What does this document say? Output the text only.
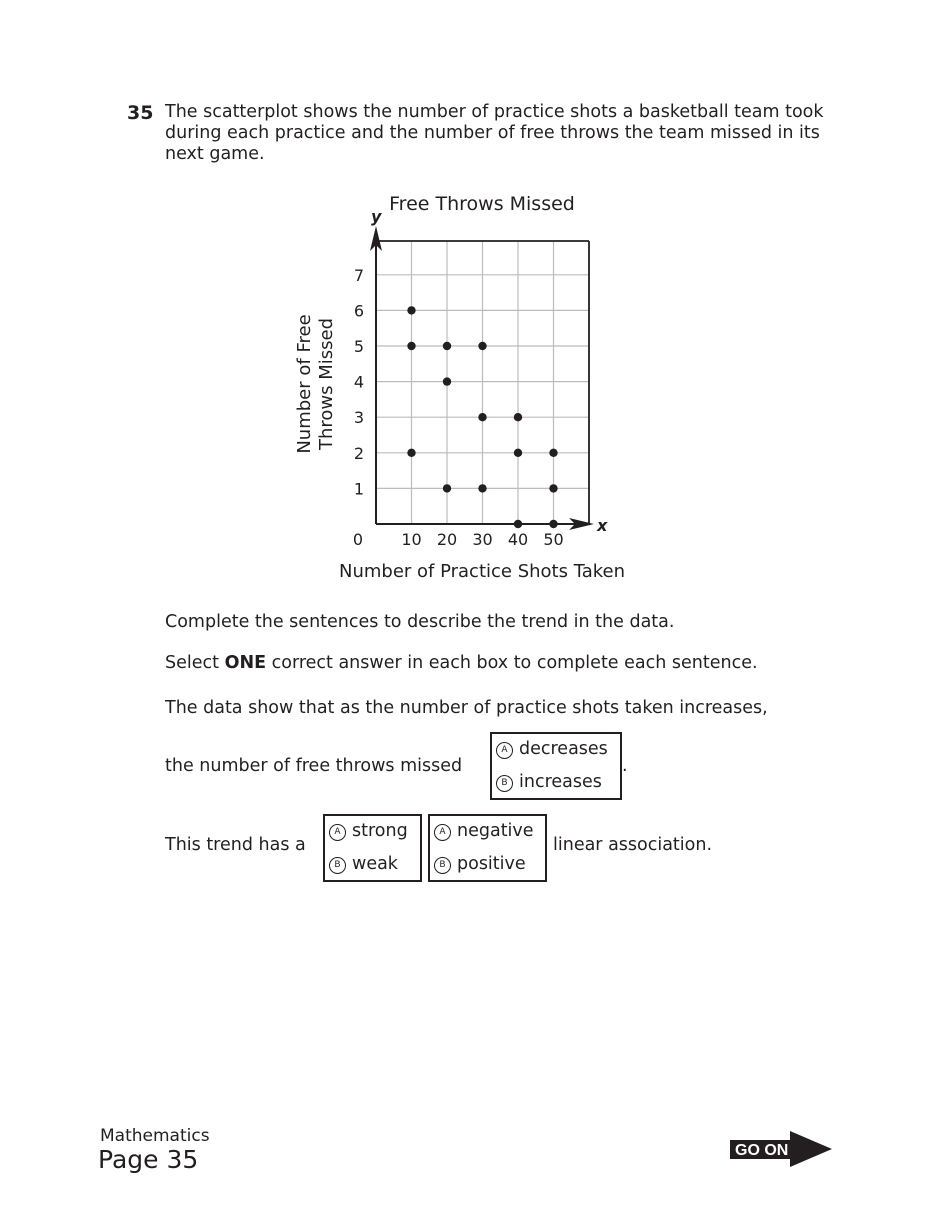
35 The scatterplot shows the number of practice shots a basketball team took during each practice and the number of free throws the team missed in its next game.
x
y
Free Throws Missed
10 20 30 40 50
1
2
3
4
5
6
7
0
Number of Practice Shots Taken
Number of Free Throws Missed
Complete the sentences to describe the trend in the data.
Select ONE correct answer in each box to complete each sentence.
The data show that as the number of practice shots taken increases,
the number of free throws missed
A decreases
B increases
.
This trend has a
A strong
B weak
A negative
B positive
linear association.
Mathematics
Page 35	GO ON
